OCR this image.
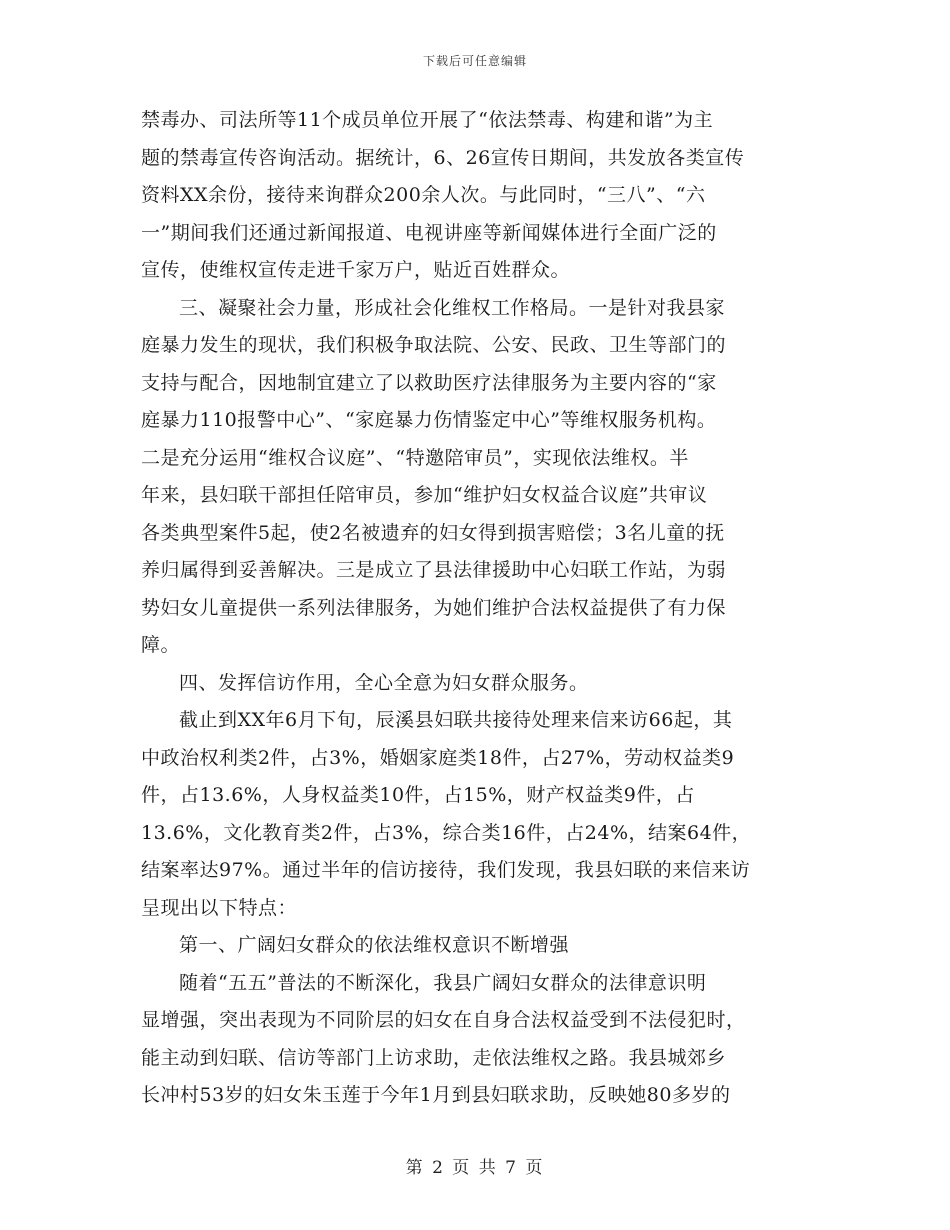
下载后可任意编辑
禁毒办、司法所等11个成员单位开展了“依法禁毒、构建和谐”为主
题的禁毒宣传咨询活动。据统计，6、26宣传日期间，共发放各类宣传
资料XX余份，接待来询群众200余人次。与此同时，“三八”、“六
一”期间我们还通过新闻报道、电视讲座等新闻媒体进行全面广泛的
宣传，使维权宣传走进千家万户，贴近百姓群众。
三、凝聚社会力量，形成社会化维权工作格局。一是针对我县家
庭暴力发生的现状，我们积极争取法院、公安、民政、卫生等部门的
支持与配合，因地制宜建立了以救助医疗法律服务为主要内容的“家
庭暴力110报警中心”、“家庭暴力伤情鉴定中心”等维权服务机构。
二是充分运用“维权合议庭”、“特邀陪审员”，实现依法维权。半
年来，县妇联干部担任陪审员，参加“维护妇女权益合议庭”共审议
各类典型案件5起，使2名被遗弃的妇女得到损害赔偿；3名儿童的抚
养归属得到妥善解决。三是成立了县法律援助中心妇联工作站，为弱
势妇女儿童提供一系列法律服务，为她们维护合法权益提供了有力保
障。
四、发挥信访作用，全心全意为妇女群众服务。
截止到XX年6月下旬，辰溪县妇联共接待处理来信来访66起，其
中政治权利类2件，占3%，婚姻家庭类18件，占27%，劳动权益类9
件，占13.6%，人身权益类10件，占15%，财产权益类9件，占
13.6%，文化教育类2件，占3%，综合类16件，占24%，结案64件，
结案率达97%。通过半年的信访接待，我们发现，我县妇联的来信来访
呈现出以下特点：
第一、广阔妇女群众的依法维权意识不断增强
随着“五五”普法的不断深化，我县广阔妇女群众的法律意识明
显增强，突出表现为不同阶层的妇女在自身合法权益受到不法侵犯时，
能主动到妇联、信访等部门上访求助，走依法维权之路。我县城郊乡
长冲村53岁的妇女朱玉莲于今年1月到县妇联求助，反映她80多岁的
第 2 页 共 7 页
